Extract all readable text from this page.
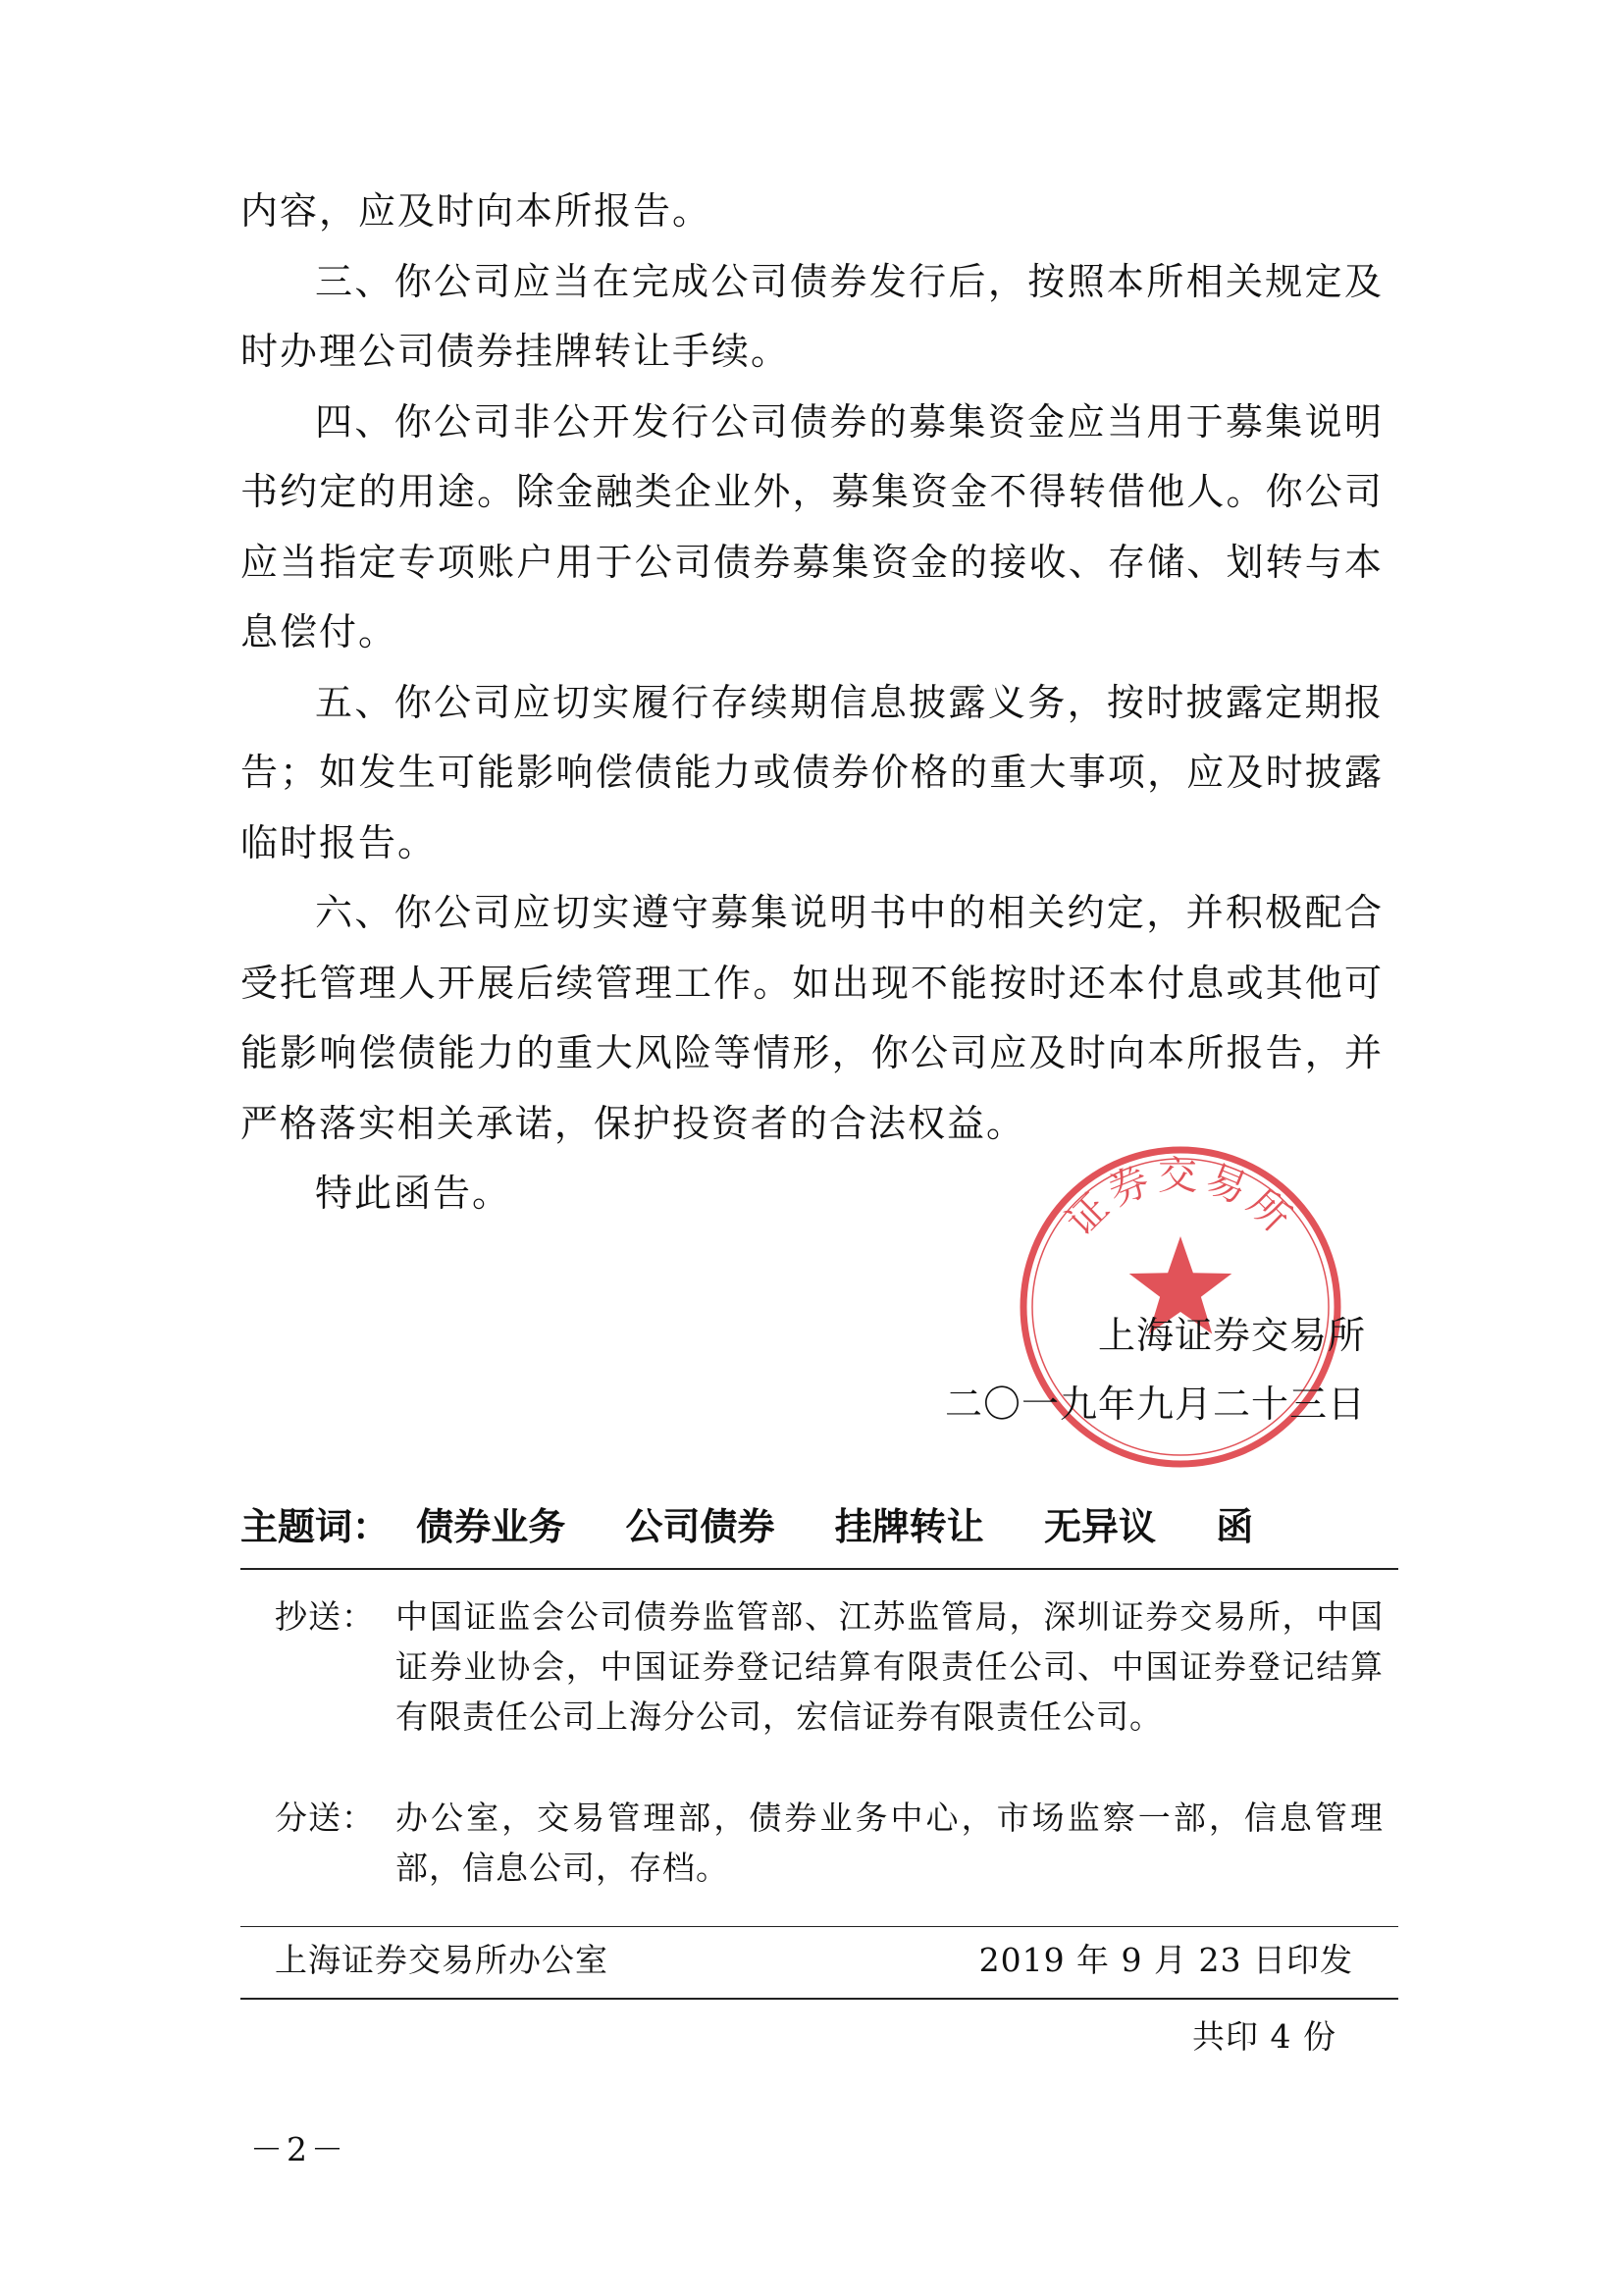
内容，应及时向本所报告。

三、你公司应当在完成公司债券发行后，按照本所相关规定及时办理公司债券挂牌转让手续。

四、你公司非公开发行公司债券的募集资金应当用于募集说明书约定的用途。除金融类企业外，募集资金不得转借他人。你公司应当指定专项账户用于公司债券募集资金的接收、存储、划转与本息偿付。

五、你公司应切实履行存续期信息披露义务，按时披露定期报告；如发生可能影响偿债能力或债券价格的重大事项，应及时披露临时报告。

六、你公司应切实遵守募集说明书中的相关约定，并积极配合受托管理人开展后续管理工作。如出现不能按时还本付息或其他可能影响偿债能力的重大风险等情形，你公司应及时向本所报告，并严格落实相关承诺，保护投资者的合法权益。

特此函告。	证券交易所
上海证券交易所
二〇一九年九月二十三日
主题词： 债券业务 公司债券 挂牌转让 无异议 函
抄送： 中国证监会公司债券监管部、江苏监管局，深圳证券交易所，中国证券业协会，中国证券登记结算有限责任公司、中国证券登记结算有限责任公司上海分公司，宏信证券有限责任公司。
分送： 办公室，交易管理部，债券业务中心，市场监察一部，信息管理部，信息公司，存档。
上海证券交易所办公室	2019 年 9 月 23 日印发
共印 4 份
－2－
